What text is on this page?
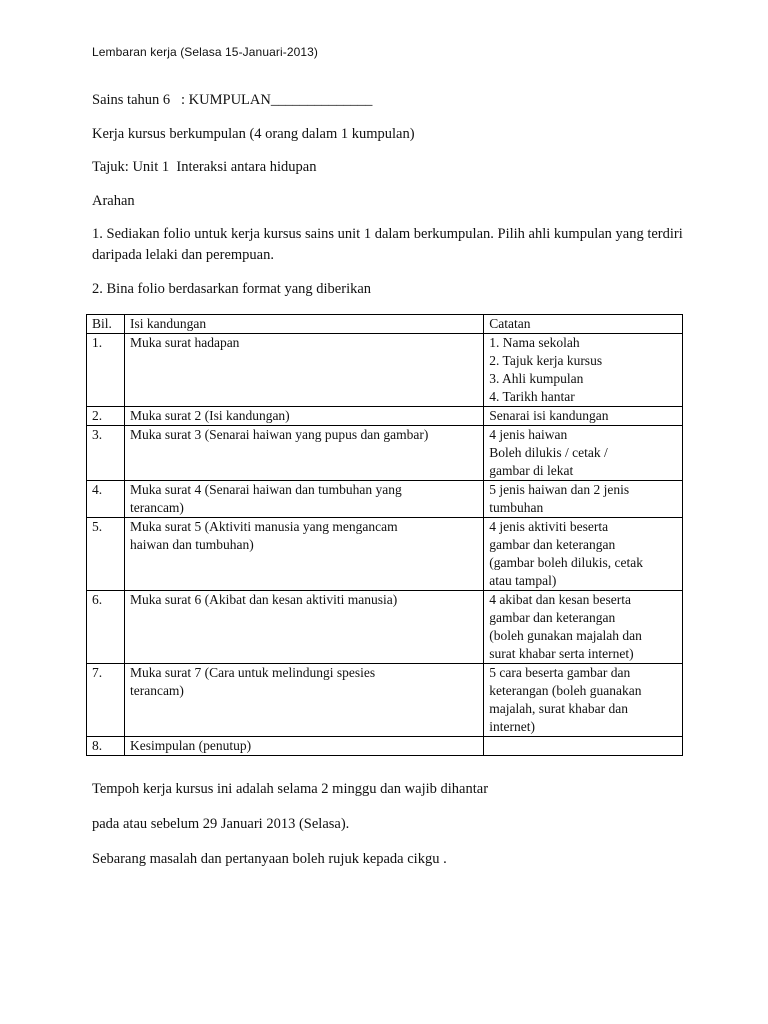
Lembaran kerja (Selasa 15-Januari-2013)

Sains tahun 6   : KUMPULAN______________

Kerja kursus berkumpulan (4 orang dalam 1 kumpulan)

Tajuk: Unit 1  Interaksi antara hidupan

Arahan

1. Sediakan folio untuk kerja kursus sains unit 1 dalam berkumpulan. Pilih ahli kumpulan yang terdiri daripada lelaki dan perempuan.

2. Bina folio berdasarkan format yang diberikan

Bil.	Isi kandungan	Catatan
1.	Muka surat hadapan	1. Nama sekolah
2. Tajuk kerja kursus
3. Ahli kumpulan
4. Tarikh hantar

2.	Muka surat 2 (Isi kandungan)	Senarai isi kandungan

3.	Muka surat 3 (Senarai haiwan yang pupus dan gambar)	4 jenis haiwan
Boleh dilukis / cetak /
gambar di lekat

4.	Muka surat 4 (Senarai haiwan dan tumbuhan yang
terancam)	5 jenis haiwan dan 2 jenis
tumbuhan

5.	Muka surat 5 (Aktiviti manusia yang mengancam
haiwan dan tumbuhan)	4 jenis aktiviti beserta
gambar dan keterangan
(gambar boleh dilukis, cetak
atau tampal)

6.	Muka surat 6 (Akibat dan kesan aktiviti manusia)	4 akibat dan kesan beserta
gambar dan keterangan
(boleh gunakan majalah dan
surat khabar serta internet)

7.	Muka surat 7 (Cara untuk melindungi spesies
terancam)	5 cara beserta gambar dan
keterangan (boleh guanakan
majalah, surat khabar dan
internet)

8.	Kesimpulan (penutup)	

Tempoh kerja kursus ini adalah selama 2 minggu dan wajib dihantar

pada atau sebelum 29 Januari 2013 (Selasa).

Sebarang masalah dan pertanyaan boleh rujuk kepada cikgu .
